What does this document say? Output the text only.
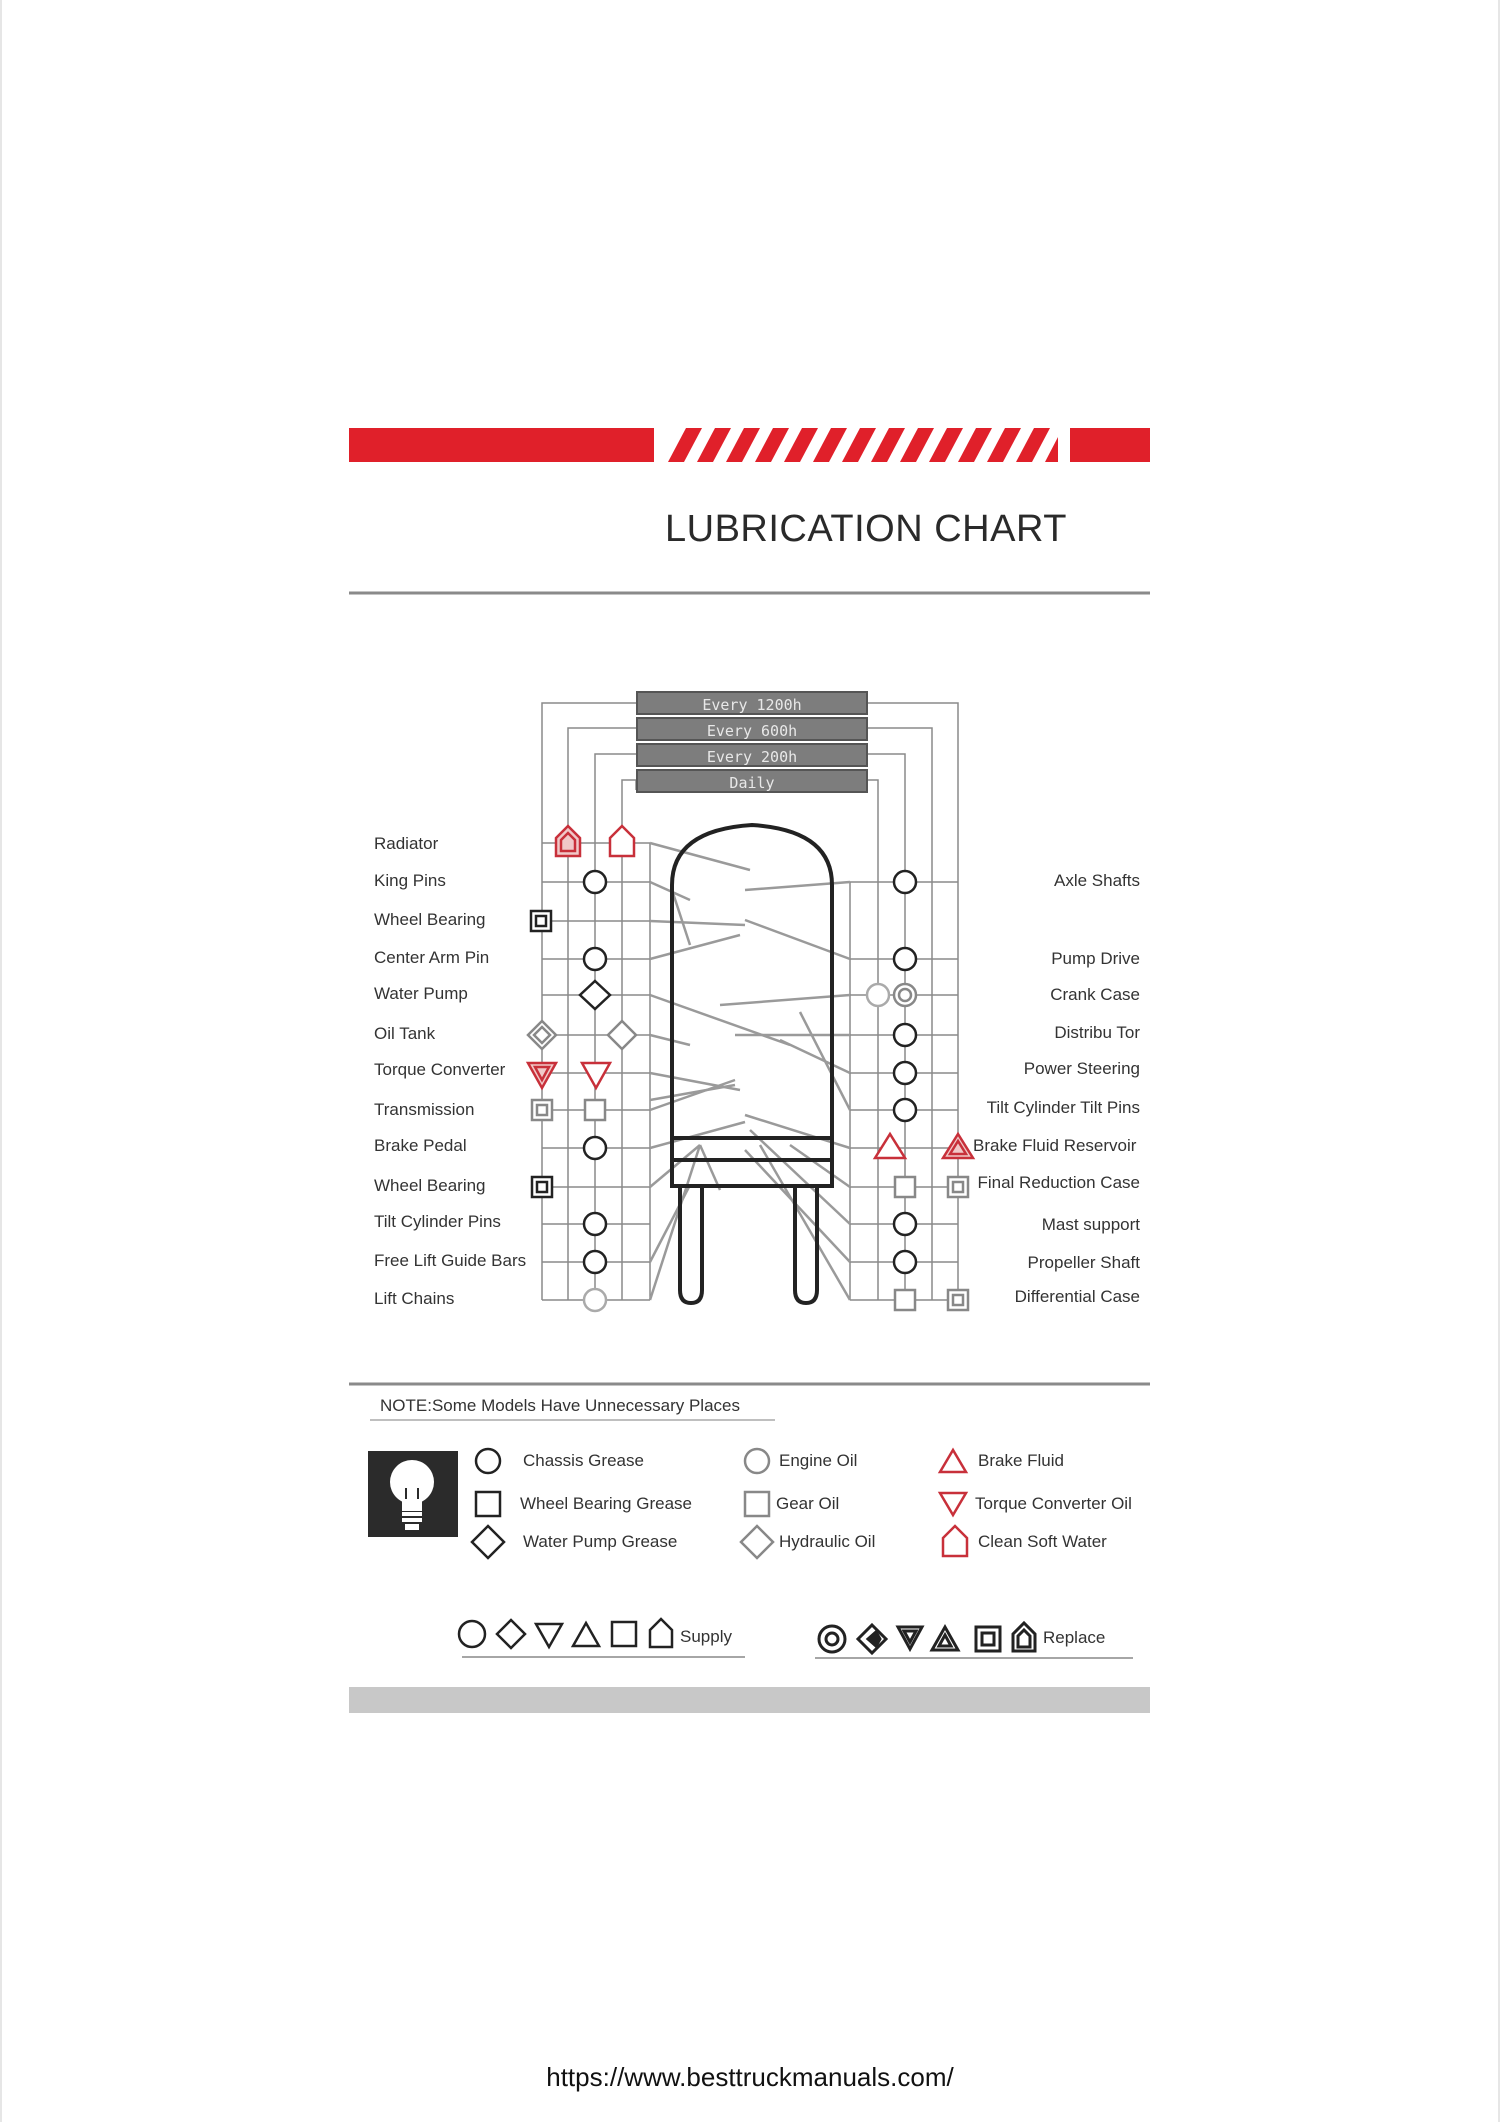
LUBRICATION CHART
Every 1200h
Every 600h
Every 200h
Daily
Radiator
King Pins
Wheel Bearing
Center Arm Pin
Water Pump
Oil Tank
Torque Converter
Transmission
Brake Pedal
Wheel Bearing
Tilt Cylinder Pins
Free Lift Guide Bars
Lift Chains
Axle Shafts
Pump Drive
Crank Case
Distribu Tor
Power Steering
Tilt Cylinder Tilt Pins
Brake Fluid Reservoir
Final Reduction Case
Mast support
Propeller Shaft
Differential Case
NOTE:Some Models Have Unnecessary Places
Chassis Grease
Wheel Bearing Grease
Water Pump Grease
Engine Oil
Gear Oil
Hydraulic Oil
Brake Fluid
Torque Converter Oil
Clean Soft Water
Supply	Replace
https://www.besttruckmanuals.com/
